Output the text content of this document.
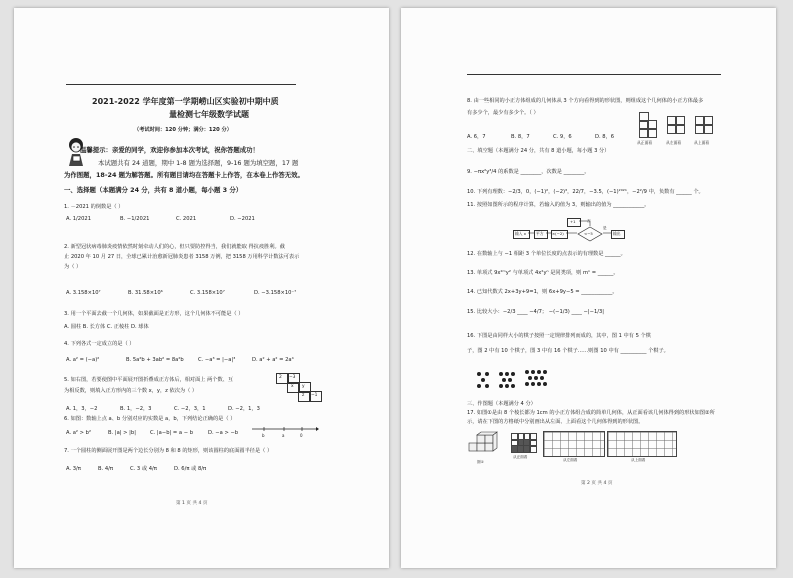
2021-2022 学年度第一学期崂山区实验初中期中质
量检测七年级数学试题
（考试时间：120 分钟；满分：120 分）
温馨提示：亲爱的同学，欢迎你参加本次考试，祝你答题成功！
本试题共有 24 道题，期中 1-8 题为选择题，9-16 题为填空题，17 题
为作图题，18-24 题为解答题。所有题目请均在答题卡上作答，在本卷上作答无效。
一、选择题（本题满分 24 分，共有 8 道小题，每小题 3 分）
1. －2021 的倒数是（ ）
A. 1/2021	B. −1/2021	C. 2021	D. −2021
2. 新型冠状病毒肺炎疫情依然时刻牵动人们的心，但只要防控得当，我们就能取 得抗疫胜利。截
止 2020 年 10 月 27 日，全球已累计治愈新冠肺炎患者 3158 万例，把 3158 万用科学计数法可表示
为（ ）
A. 3.158×10⁷	B. 31.58×10⁶	C. 3.158×10⁷	D. −3.158×10⁻⁷
3. 用一个平面去截一个几何体，如果截面是正方形，这个几何体不可能是（ ）
A. 圆柱 B. 长方体 C. 正棱柱 D. 球体
4. 下列各式一定成立的是（ ）
A. a² = (−a)²	B. 5a²b + 3ab² = 8a²b	C. −a³ = |−a|³	D. a² + a² = 2a⁴
5. 如右图，若要使图中平面展开图折叠成正方体后，相对面上 两个数、互
为相反数，则填入正方形内的三个数 x，y，z 依次为（ ）
2 −3
x y
z −1
A. 1，3，−2	B. 1，−2，3	C. −2，3，1	D. −2，1，3
6. 如图：数轴上点 a、b 分别对应的实数是 a，b，下列结论正确的是（ ）
A. a² > b²	B. |a| > |b|	C. |a−b| = a − b	D. −a > −b	b	a	0
7. 一个圆柱的侧面展开图是两个边长分别为 8 和 8 的矩形，则该圆柱的底面圆半径是（ ）
A. 3/π	B. 4/π	C. 3 或 4/π	D. 6/π 或 8/π
第 1 页 共 4 页
8. 由一些相同的小正方体组成的几何体从 3 个方向看得到的形状图，则组成这个几何体的小正方体最多
有多少个，最少有多少个。（ ）
从正面看	从左面看	从上面看
A. 6，7	B. 8，7	C. 9，6	D. 8，6
二、填空题（本题满分 24 分，共有 8 道小题，每小题 3 分）
9. −πx²y³/4 的系数是 ________，次数是 ________。
10. 下列有理数：−2/3，0，(−1)²，(−2)³，22/7，−3.5，(−1)²⁰²¹，−2²/9 中，负数有 ______ 个。
11. 按照如图所示的程序计算，若输入的值为 3，则输出的值为 ____________。
输入 x	平方 ×(−2)
+1
<−5	输出
是
否
12. 在数轴上与 −1 相距 3 个单位长度的点表示的有理数是 ______。
13. 单项式 9x²ᵐy² 与单项式 4x²yⁿ 是同类项，则 mⁿ = ______。
14. 已知代数式 2x+3y+9=1，则 6x+9y−5 = ____________。
15. 比较大小：−2/3 ____ −4/7； −(−1/3) ____ −|−1/3|
16. 下图是由同样大小的棋子按照一定规律排列而成的，其中，图 1 中有 5 个棋
子，图 2 中有 10 个棋子，图 3 中有 16 个棋子……则图 10 中有 __________ 个棋子。
三、作图题（本题满分 4 分）
17. 如图①是由 8 个棱长都为 1cm 的小正方体组合成的简单几何体，从正面看该几何体得到的形状如图②所
示，请在下图的方格纸中分别画出从左面、上面看这个几何体得到的形状图。
图①
从正面看
从左面看	从上面看
第 2 页 共 4 页
